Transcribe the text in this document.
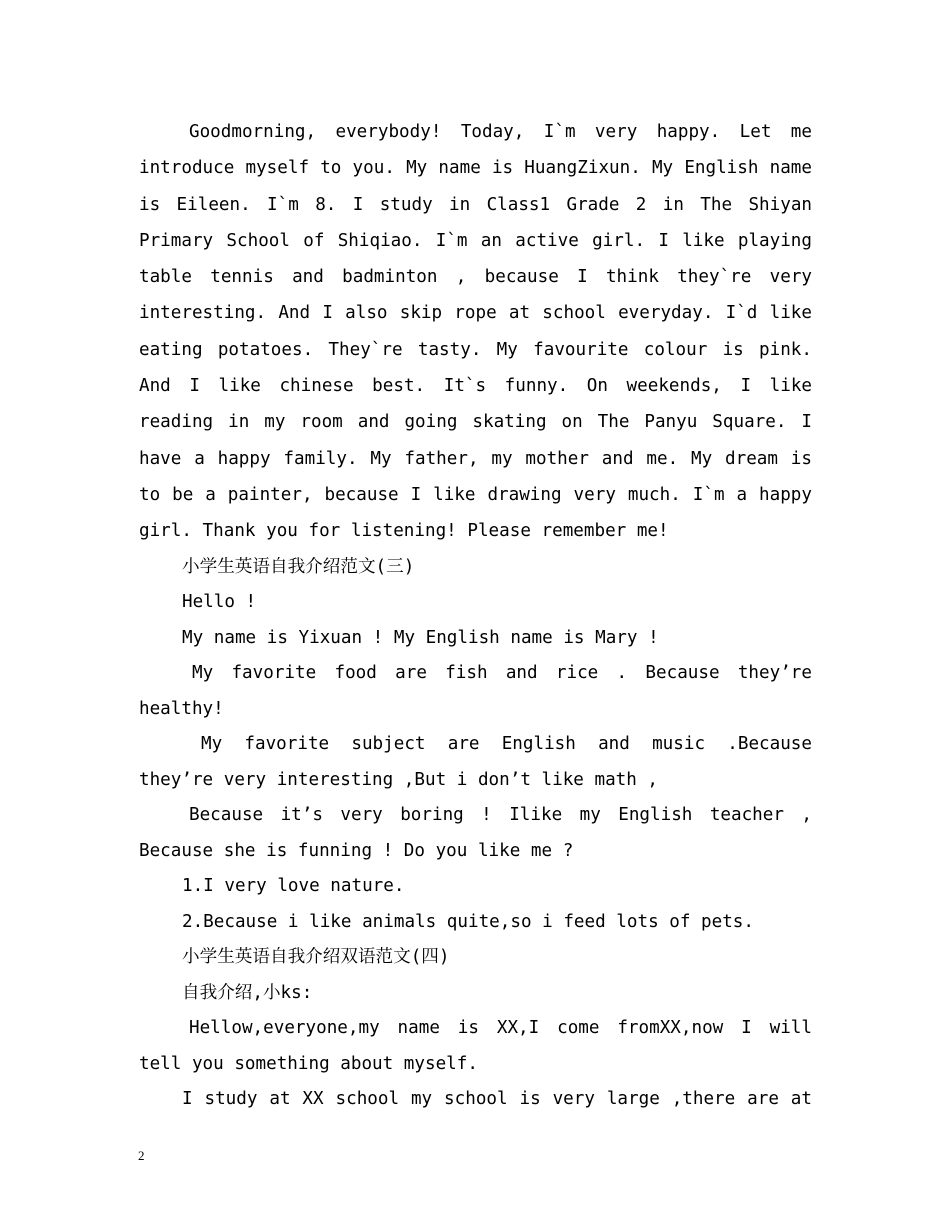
Goodmorning, everybody! Today, I`m very happy. Let me introduce myself to you. My name is HuangZixun. My English name is Eileen. I`m 8. I study in Class1 Grade 2 in The Shiyan Primary School of Shiqiao. I`m an active girl. I like playing table tennis and badminton , because I think they`re very interesting. And I also skip rope at school everyday. I`d like eating potatoes. They`re tasty. My favourite colour is pink. And I like chinese best. It`s funny. On weekends, I like reading in my room and going skating on The Panyu Square. I have a happy family. My father, my mother and me. My dream is to be a painter, because I like drawing very much. I`m a happy girl. Thank you for listening! Please remember me!

小学生英语自我介绍范文(三)

Hello !

My name is Yixuan ! My English name is Mary !

My favorite food are fish and rice . Because they’re healthy!

My favorite subject are English and music .Because they’re very interesting ,But i don’t like math ,

Because it’s very boring ! Ilike my English teacher , Because she is funning ! Do you like me ?

1.I very love nature.

2.Because i like animals quite,so i feed lots of pets.

小学生英语自我介绍双语范文(四)

自我介绍,小ks:

Hellow,everyone,my name is XX,I come fromXX,now I will tell you something about myself.

I study at XX school my school is very large ,there are at

2
